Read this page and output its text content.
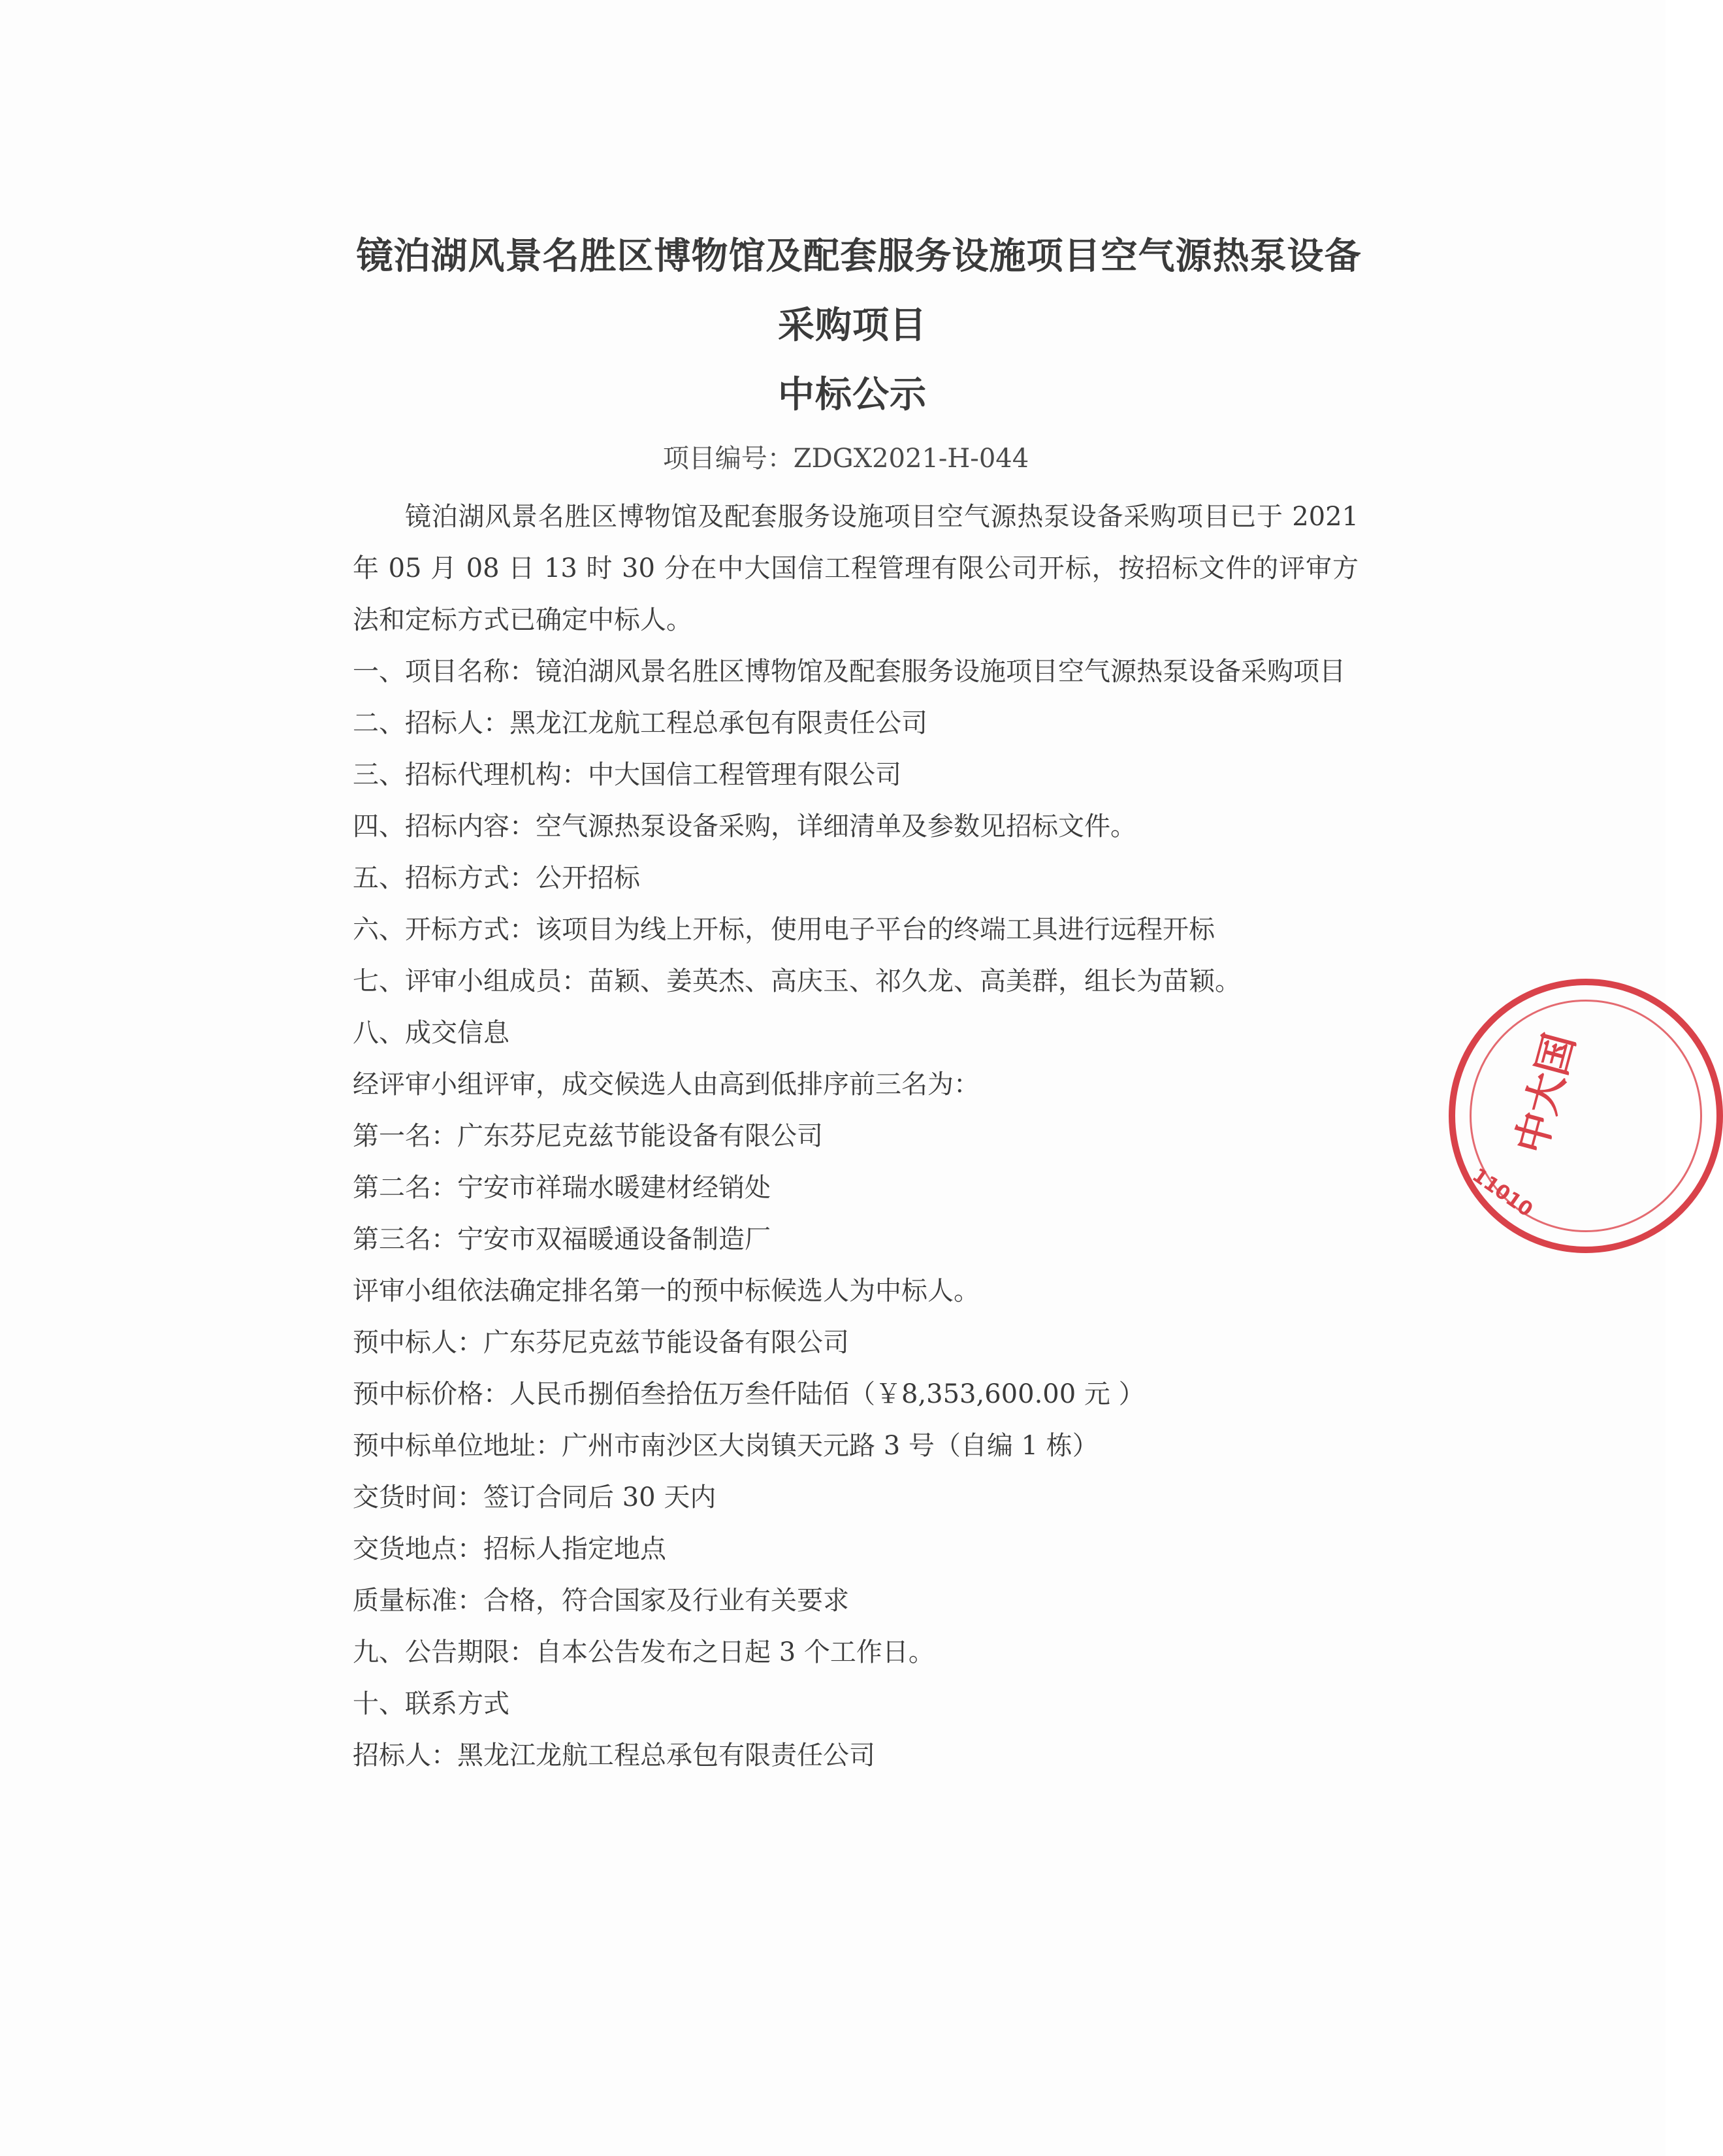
镜泊湖风景名胜区博物馆及配套服务设施项目空气源热泵设备
采购项目
中标公示
项目编号：ZDGX2021-H-044

镜泊湖风景名胜区博物馆及配套服务设施项目空气源热泵设备采购项目已于 2021 年 05 月 08 日 13 时 30 分在中大国信工程管理有限公司开标，按招标文件的评审方法和定标方式已确定中标人。

一、项目名称：镜泊湖风景名胜区博物馆及配套服务设施项目空气源热泵设备采购项目

二、招标人：黑龙江龙航工程总承包有限责任公司

三、招标代理机构：中大国信工程管理有限公司

四、招标内容：空气源热泵设备采购，详细清单及参数见招标文件。

五、招标方式：公开招标

六、开标方式：该项目为线上开标，使用电子平台的终端工具进行远程开标

七、评审小组成员：苗颖、姜英杰、高庆玉、祁久龙、高美群，组长为苗颖。

八、成交信息

经评审小组评审，成交候选人由高到低排序前三名为：

第一名：广东芬尼克兹节能设备有限公司

第二名：宁安市祥瑞水暖建材经销处

第三名：宁安市双福暖通设备制造厂

评审小组依法确定排名第一的预中标候选人为中标人。

预中标人：广东芬尼克兹节能设备有限公司

预中标价格：人民币捌佰叁拾伍万叁仟陆佰（￥8,353,600.00 元 ）

预中标单位地址：广州市南沙区大岗镇天元路 3 号（自编 1 栋）

交货时间：签订合同后 30 天内

交货地点：招标人指定地点

质量标准：合格，符合国家及行业有关要求

九、公告期限：自本公告发布之日起 3 个工作日。

十、联系方式

招标人：黑龙江龙航工程总承包有限责任公司

中大国
11010
